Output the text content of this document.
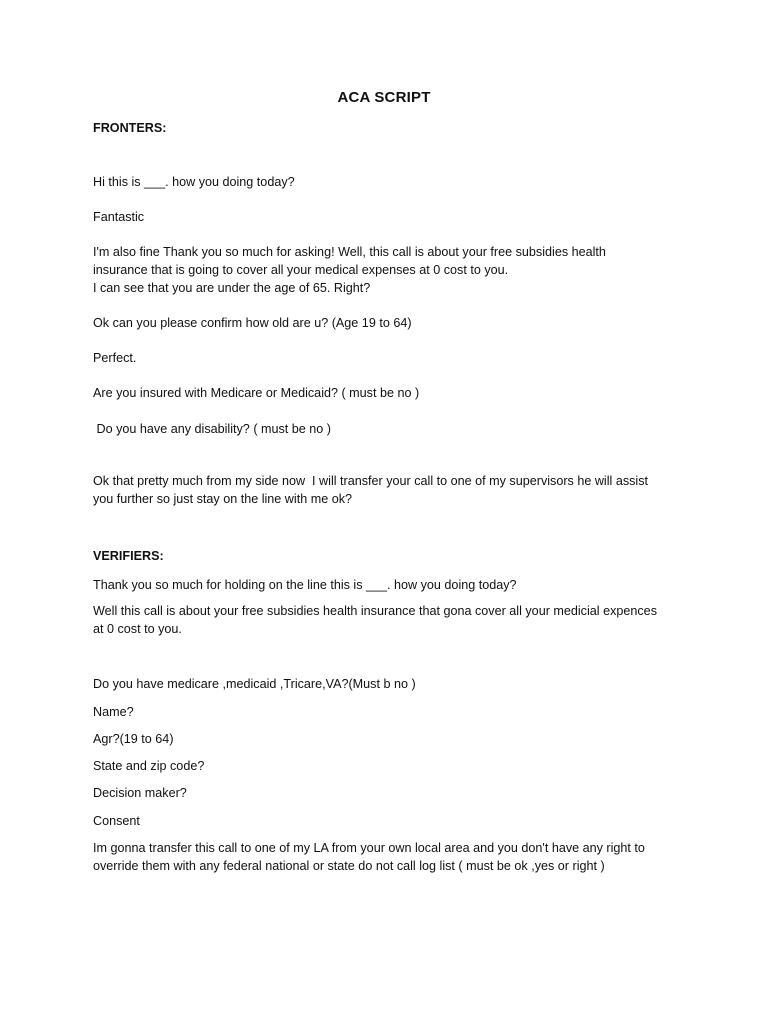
ACA SCRIPT
FRONTERS:
Hi this is ___. how you doing today?
Fantastic
I'm also fine Thank you so much for asking! Well, this call is about your free subsidies health
insurance that is going to cover all your medical expenses at 0 cost to you.
I can see that you are under the age of 65. Right?
Ok can you please confirm how old are u? (Age 19 to 64)
Perfect.
Are you insured with Medicare or Medicaid? ( must be no )
Do you have any disability? ( must be no )
Ok that pretty much from my side now  I will transfer your call to one of my supervisors he will assist
you further so just stay on the line with me ok?
VERIFIERS:
Thank you so much for holding on the line this is ___. how you doing today?
Well this call is about your free subsidies health insurance that gona cover all your medicial expences
at 0 cost to you.
Do you have medicare ,medicaid ,Tricare,VA?(Must b no )
Name?
Agr?(19 to 64)
State and zip code?
Decision maker?
Consent
Im gonna transfer this call to one of my LA from your own local area and you don't have any right to
override them with any federal national or state do not call log list ( must be ok ,yes or right )
